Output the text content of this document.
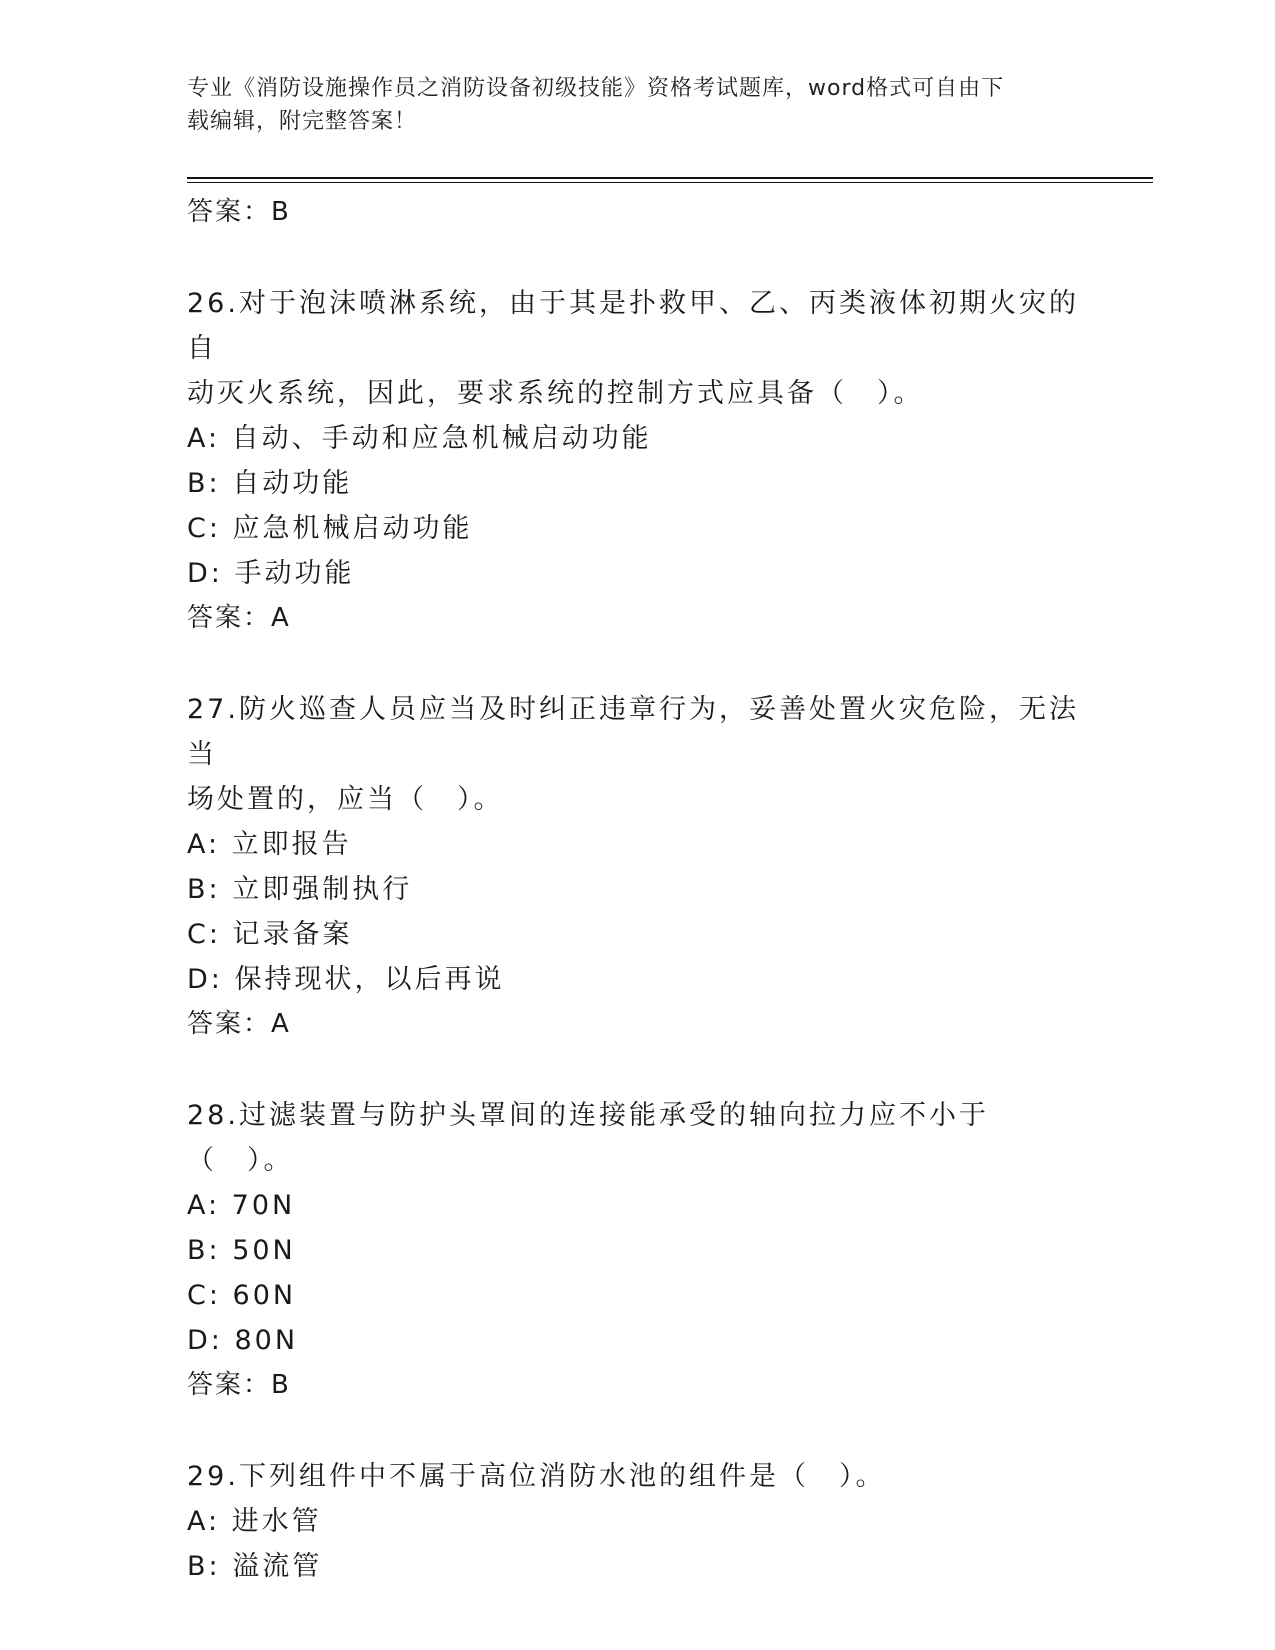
专业《消防设施操作员之消防设备初级技能》资格考试题库，word格式可自由下
载编辑，附完整答案！
答案：B
26.对于泡沫喷淋系统，由于其是扑救甲、乙、丙类液体初期火灾的自
动灭火系统，因此，要求系统的控制方式应具备（　）。
A: 自动、手动和应急机械启动功能
B: 自动功能
C: 应急机械启动功能
D: 手动功能
答案：A
27.防火巡查人员应当及时纠正违章行为，妥善处置火灾危险，无法当
场处置的，应当（　）。
A: 立即报告
B: 立即强制执行
C: 记录备案
D: 保持现状，以后再说
答案：A
28.过滤装置与防护头罩间的连接能承受的轴向拉力应不小于（　）。
A: 70N
B: 50N
C: 60N
D: 80N
答案：B
29.下列组件中不属于高位消防水池的组件是（　）。
A: 进水管
B: 溢流管
